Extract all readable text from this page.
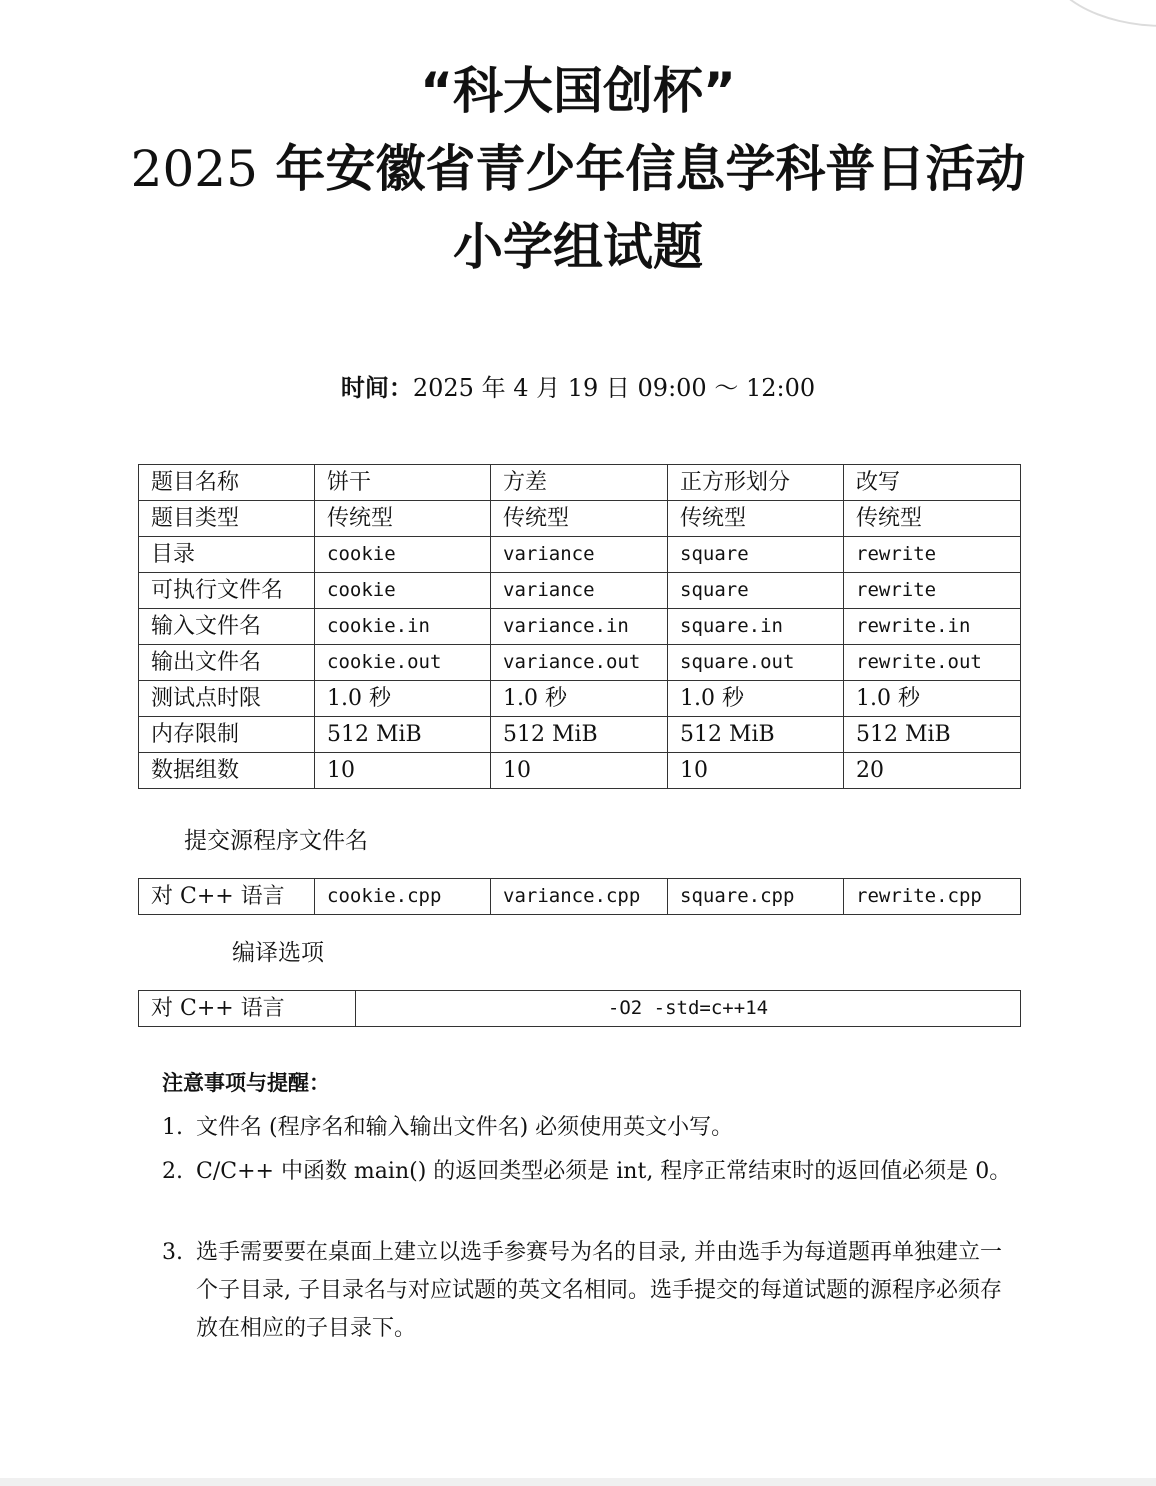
“科大国创杯”
2025 年安徽省青少年信息学科普日活动
小学组试题
时间：2025 年 4 月 19 日 09:00 ～ 12:00
题目名称	饼干	方差	正方形划分	改写
题目类型	传统型	传统型	传统型	传统型
目录	cookie	variance	square	rewrite
可执行文件名	cookie	variance	square	rewrite
输入文件名	cookie.in	variance.in	square.in	rewrite.in
输出文件名	cookie.out	variance.out	square.out	rewrite.out
测试点时限	1.0 秒	1.0 秒	1.0 秒	1.0 秒
内存限制	512 MiB	512 MiB	512 MiB	512 MiB
数据组数	10	10	10	20
提交源程序文件名
对 C++ 语言	cookie.cpp	variance.cpp	square.cpp	rewrite.cpp
编译选项
对 C++ 语言	-O2 -std=c++14
注意事项与提醒：
1. 文件名 (程序名和输入输出文件名) 必须使用英文小写。
2. C/C++ 中函数 main() 的返回类型必须是 int, 程序正常结束时的返回值必须是 0。
3. 选手需要要在桌面上建立以选手参赛号为名的目录, 并由选手为每道题再单独建立一个子目录, 子目录名与对应试题的英文名相同。选手提交的每道试题的源程序必须存放在相应的子目录下。
